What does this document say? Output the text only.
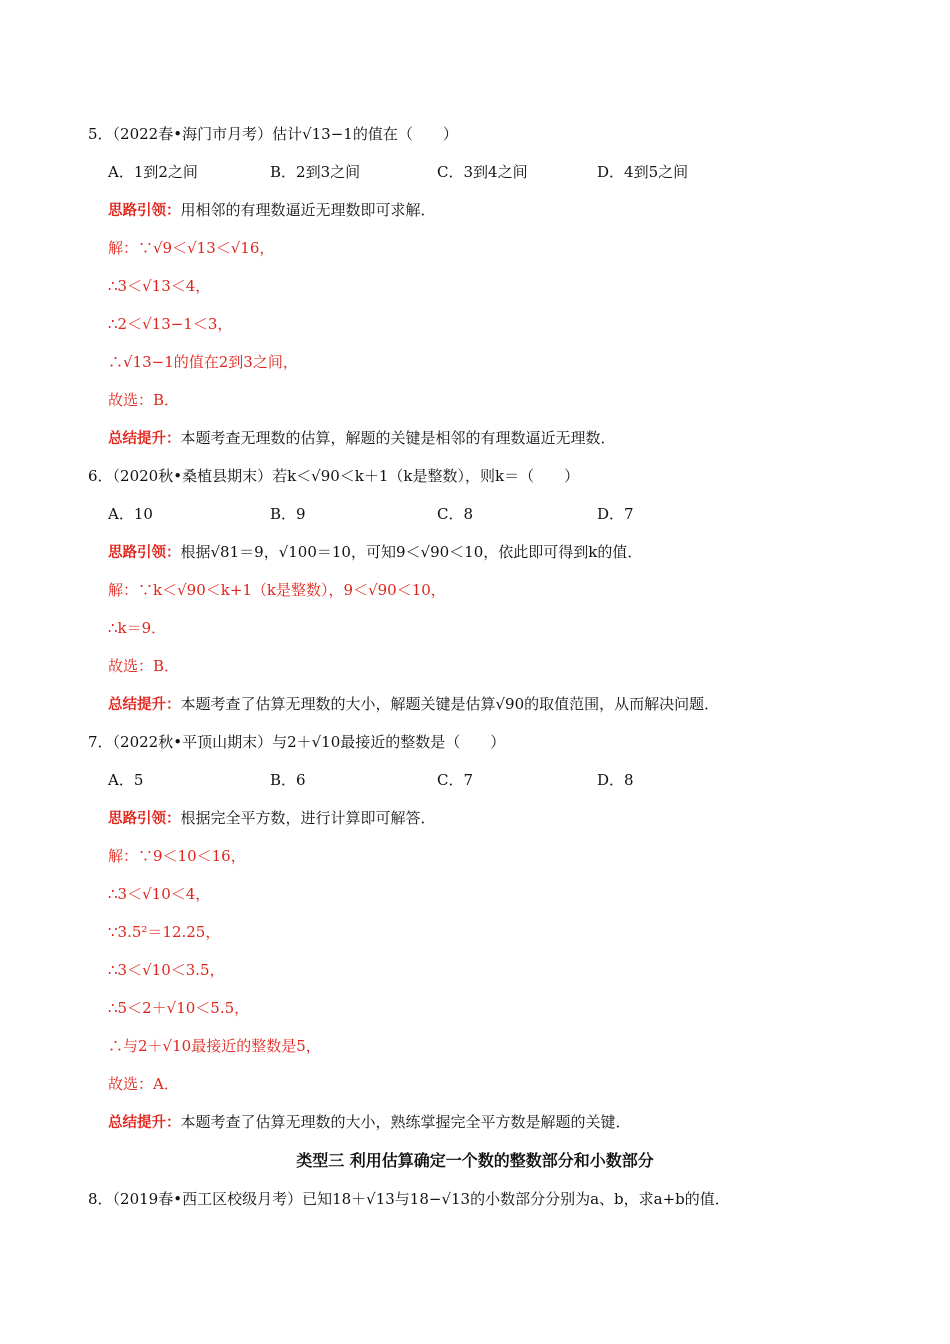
5．（2022春•海门市月考）估计√13−1的值在（　　）
A．1到2之间	B．2到3之间	C．3到4之间	D．4到5之间
思路引领：用相邻的有理数逼近无理数即可求解．
解：∵√9＜√13＜√16，
∴3＜√13＜4，
∴2＜√13−1＜3，
∴√13−1的值在2到3之间，
故选：B．
总结提升：本题考查无理数的估算，解题的关键是相邻的有理数逼近无理数．
6．（2020秋•桑植县期末）若k＜√90＜k＋1（k是整数），则k＝（　　）
A．10	B．9	C．8	D．7
思路引领：根据√81＝9，√100＝10，可知9＜√90＜10，依此即可得到k的值．
解：∵k＜√90＜k+1（k是整数），9＜√90＜10，
∴k＝9．
故选：B．
总结提升：本题考查了估算无理数的大小，解题关键是估算√90的取值范围，从而解决问题．
7．（2022秋•平顶山期末）与2＋√10最接近的整数是（　　）
A．5	B．6	C．7	D．8
思路引领：根据完全平方数，进行计算即可解答．
解：∵9＜10＜16，
∴3＜√10＜4，
∵3.5²＝12.25，
∴3＜√10＜3.5，
∴5＜2＋√10＜5.5，
∴与2＋√10最接近的整数是5，
故选：A．
总结提升：本题考查了估算无理数的大小，熟练掌握完全平方数是解题的关键．
类型三 利用估算确定一个数的整数部分和小数部分
8．（2019春•西工区校级月考）已知18＋√13与18−√13的小数部分分别为a、b，求a+b的值．
